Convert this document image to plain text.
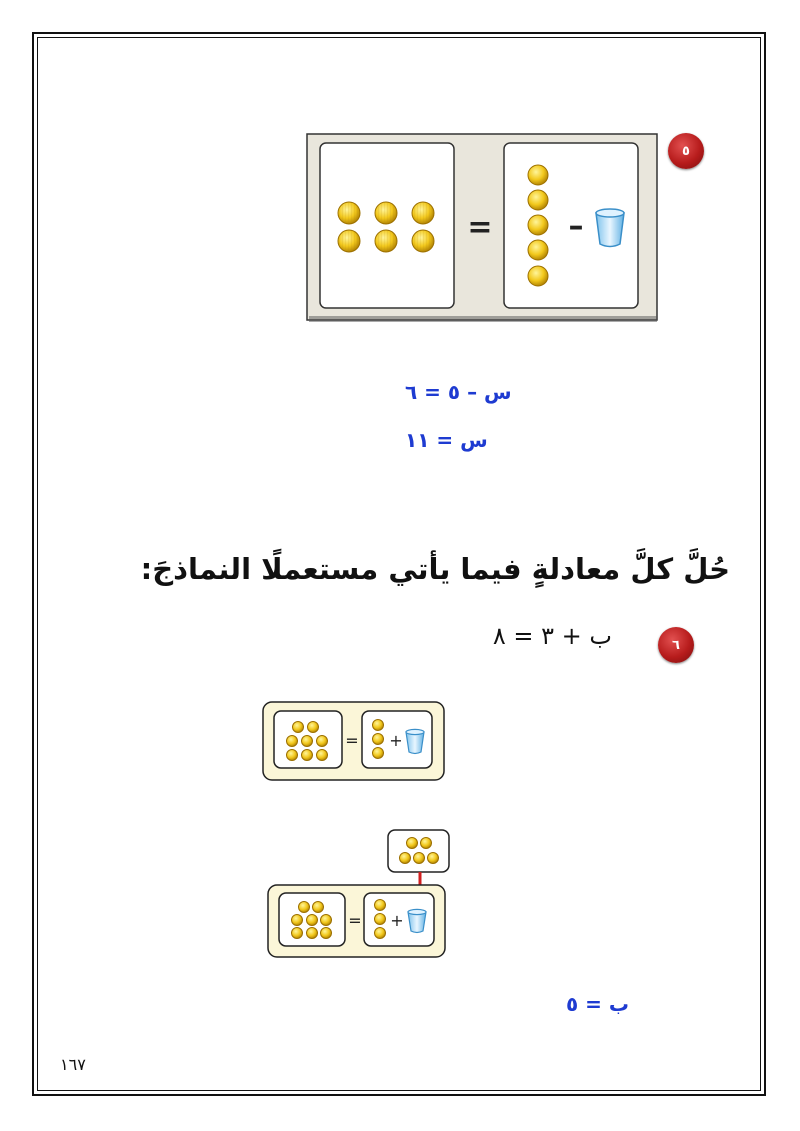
٥
=	–
س – ٥ = ٦
س = ١١
حُلَّ كلَّ معادلةٍ فيما يأتي مستعملًا النماذجَ:
٦
ب + ٣ = ٨
= +
= +
ب = ٥
١٦٧
